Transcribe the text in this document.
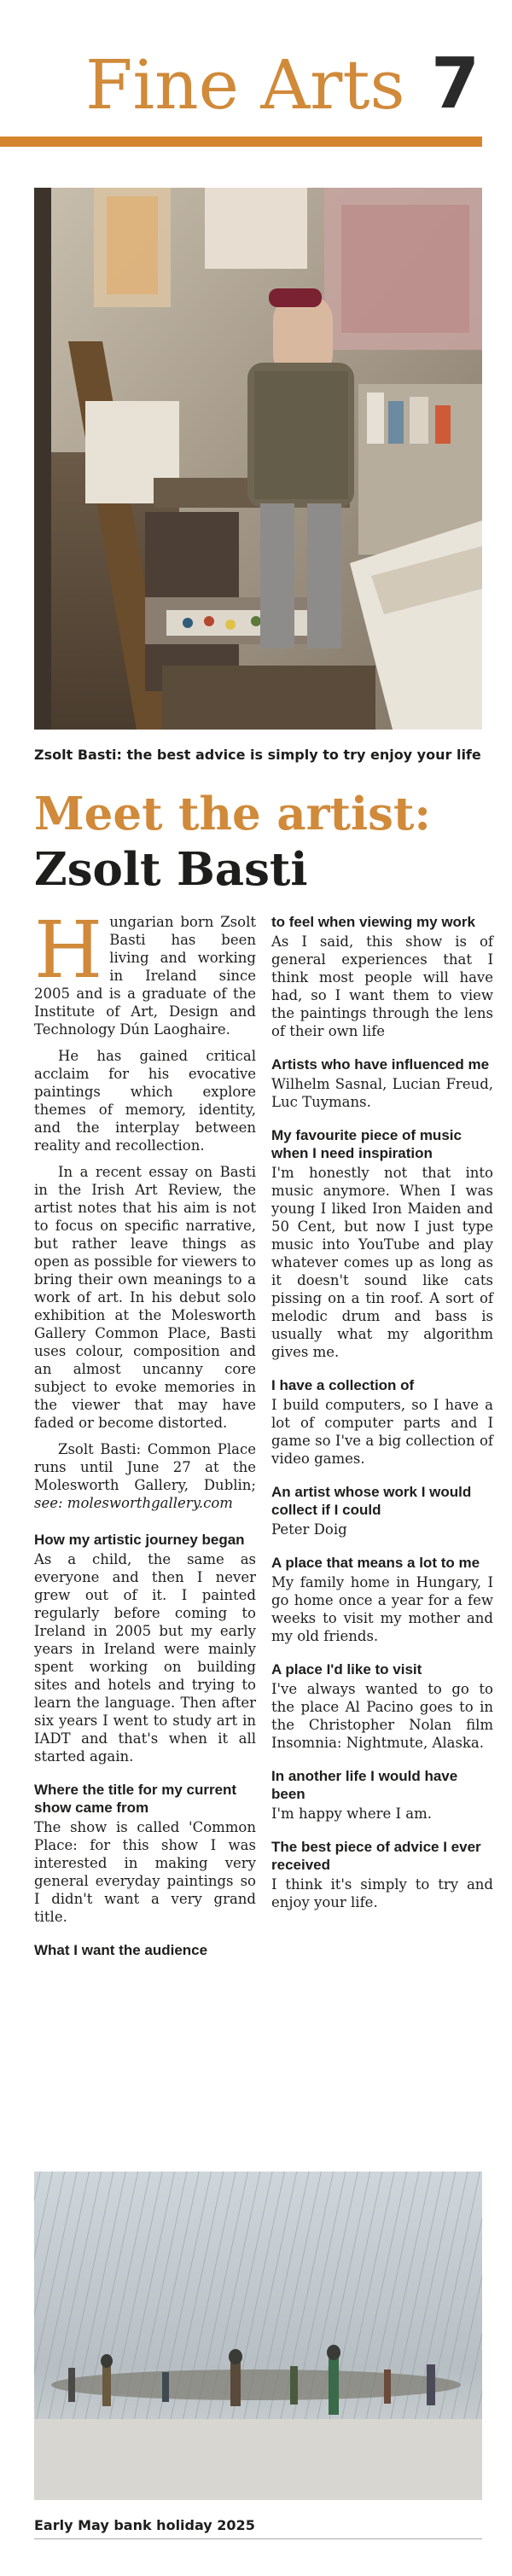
Fine Arts 7
Zsolt Basti: the best advice is simply to try enjoy your life
Meet the artist:
Zsolt Basti

Hungarian born Zsolt Basti has been living and working in Ireland since 2005 and is a graduate of the Institute of Art, Design and Technology Dún Laoghaire.

He has gained critical acclaim for his evocative paintings which explore themes of memory, identity, and the interplay between reality and recollection.

In a recent essay on Basti in the Irish Art Review, the artist notes that his aim is not to focus on specific narrative, but rather leave things as open as possible for viewers to bring their own meanings to a work of art. In his debut solo exhibition at the Molesworth Gallery Common Place, Basti uses colour, composition and an almost uncanny core subject to evoke memories in the viewer that may have faded or become distorted.

Zsolt Basti: Common Place runs until June 27 at the Molesworth Gallery, Dublin; see: molesworthgallery.com

How my artistic journey began

As a child, the same as everyone and then I never grew out of it. I painted regularly before coming to Ireland in 2005 but my early years in Ireland were mainly spent working on building sites and hotels and trying to learn the language. Then after six years I went to study art in IADT and that's when it all started again.

Where the title for my current show came from

The show is called 'Common Place: for this show I was interested in making very general everyday paintings so I didn't want a very grand title.

What I want the audience
to feel when viewing my work

As I said, this show is of general experiences that I think most people will have had, so I want them to view the paintings through the lens of their own life

Artists who have influenced me

Wilhelm Sasnal, Lucian Freud, Luc Tuymans.

My favourite piece of music when I need inspiration

I'm honestly not that into music anymore. When I was young I liked Iron Maiden and 50 Cent, but now I just type music into YouTube and play whatever comes up as long as it doesn't sound like cats pissing on a tin roof. A sort of melodic drum and bass is usually what my algorithm gives me.

I have a collection of

I build computers, so I have a lot of computer parts and I game so I've a big collection of video games.

An artist whose work I would collect if I could

Peter Doig

A place that means a lot to me

My family home in Hungary, I go home once a year for a few weeks to visit my mother and my old friends.

A place I'd like to visit

I've always wanted to go to the place Al Pacino goes to in the Christopher Nolan film Insomnia: Nightmute, Alaska.

In another life I would have been

I'm happy where I am.

The best piece of advice I ever received

I think it's simply to try and enjoy your life.

Early May bank holiday 2025
